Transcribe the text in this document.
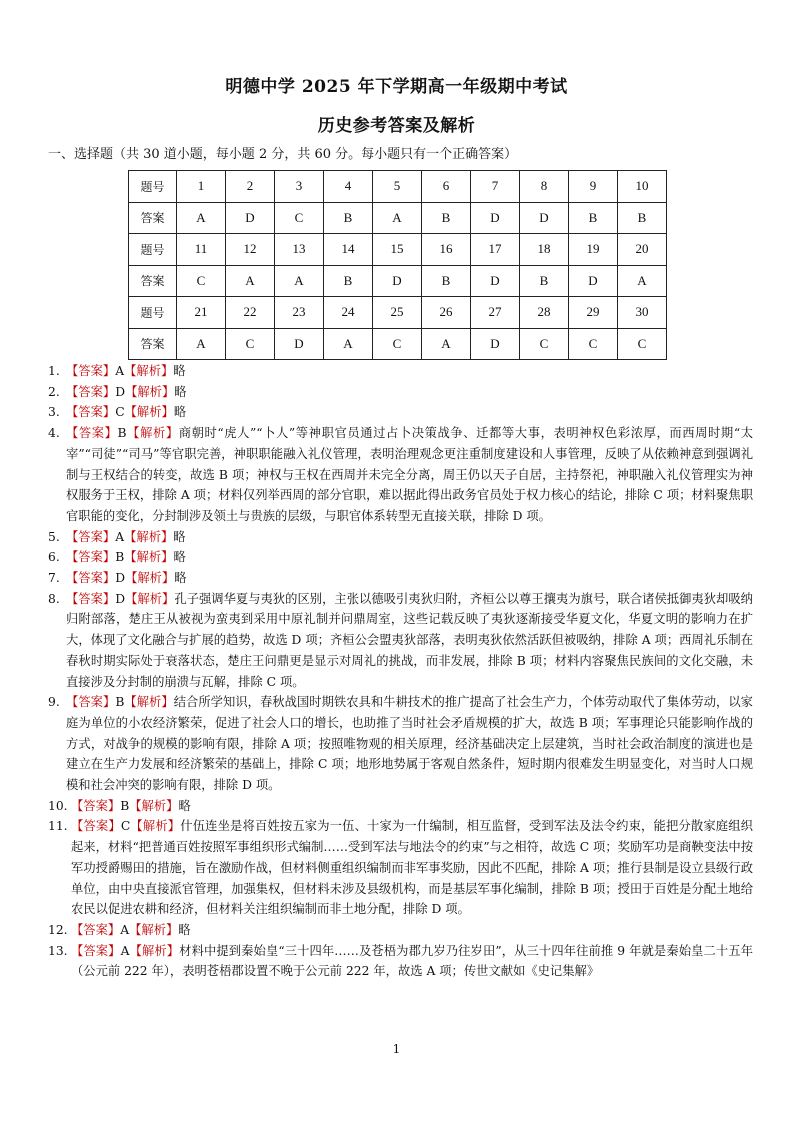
明德中学 2025 年下学期高一年级期中考试
历史参考答案及解析
一、选择题（共 30 道小题，每小题 2 分，共 60 分。每小题只有一个正确答案）
题号	1	2	3	4	5	6	7	8	9	10
答案	A	D	C	B	A	B	D	D	B	B
题号	11	12	13	14	15	16	17	18	19	20
答案	C	A	A	B	D	B	D	B	D	A
题号	21	22	23	24	25	26	27	28	29	30
答案	A	C	D	A	C	A	D	C	C	C
1. 【答案】A【解析】略
2. 【答案】D【解析】略
3. 【答案】C【解析】略
4. 【答案】B【解析】商朝时“虎人”“卜人”等神职官员通过占卜决策战争、迁都等大事，表明神权色彩浓厚，而西周时期“太宰”“司徒”“司马”等官职完善，神职职能融入礼仪管理，表明治理观念更注重制度建设和人事管理，反映了从依赖神意到强调礼制与王权结合的转变，故选 B 项；神权与王权在西周并未完全分离，周王仍以天子自居，主持祭祀，神职融入礼仪管理实为神权服务于王权，排除 A 项；材料仅列举西周的部分官职，难以据此得出政务官员处于权力核心的结论，排除 C 项；材料聚焦职官职能的变化，分封制涉及领土与贵族的层级，与职官体系转型无直接关联，排除 D 项。
5. 【答案】A【解析】略
6. 【答案】B【解析】略
7. 【答案】D【解析】略
8. 【答案】D【解析】孔子强调华夏与夷狄的区别，主张以德吸引夷狄归附，齐桓公以尊王攘夷为旗号，联合诸侯抵御夷狄却吸纳归附部落，楚庄王从被视为蛮夷到采用中原礼制并问鼎周室，这些记载反映了夷狄逐渐接受华夏文化，华夏文明的影响力在扩大，体现了文化融合与扩展的趋势，故选 D 项；齐桓公会盟夷狄部落，表明夷狄依然活跃但被吸纳，排除 A 项；西周礼乐制在春秋时期实际处于衰落状态，楚庄王问鼎更是显示对周礼的挑战，而非发展，排除 B 项；材料内容聚焦民族间的文化交融，未直接涉及分封制的崩溃与瓦解，排除 C 项。
9. 【答案】B【解析】结合所学知识，春秋战国时期铁农具和牛耕技术的推广提高了社会生产力，个体劳动取代了集体劳动，以家庭为单位的小农经济繁荣，促进了社会人口的增长，也助推了当时社会矛盾规模的扩大，故选 B 项；军事理论只能影响作战的方式，对战争的规模的影响有限，排除 A 项；按照唯物观的相关原理，经济基础决定上层建筑，当时社会政治制度的演进也是建立在生产力发展和经济繁荣的基础上，排除 C 项；地形地势属于客观自然条件，短时期内很难发生明显变化，对当时人口规模和社会冲突的影响有限，排除 D 项。
10. 【答案】B【解析】略
11. 【答案】C【解析】什伍连坐是将百姓按五家为一伍、十家为一什编制，相互监督，受到军法及法令约束，能把分散家庭组织起来，材料“把普通百姓按照军事组织形式编制……受到军法与地法令的约束”与之相符，故选 C 项；奖励军功是商鞅变法中按军功授爵赐田的措施，旨在激励作战，但材料侧重组织编制而非军事奖励，因此不匹配，排除 A 项；推行县制是设立县级行政单位，由中央直接派官管理，加强集权，但材料未涉及县级机构，而是基层军事化编制，排除 B 项；授田于百姓是分配土地给农民以促进农耕和经济，但材料关注组织编制而非土地分配，排除 D 项。
12. 【答案】A【解析】略
13. 【答案】A【解析】材料中提到秦始皇“三十四年……及苍梧为郡九岁乃往岁田”，从三十四年往前推 9 年就是秦始皇二十五年（公元前 222 年），表明苍梧郡设置不晚于公元前 222 年，故选 A 项；传世文献如《史记集解》
1
